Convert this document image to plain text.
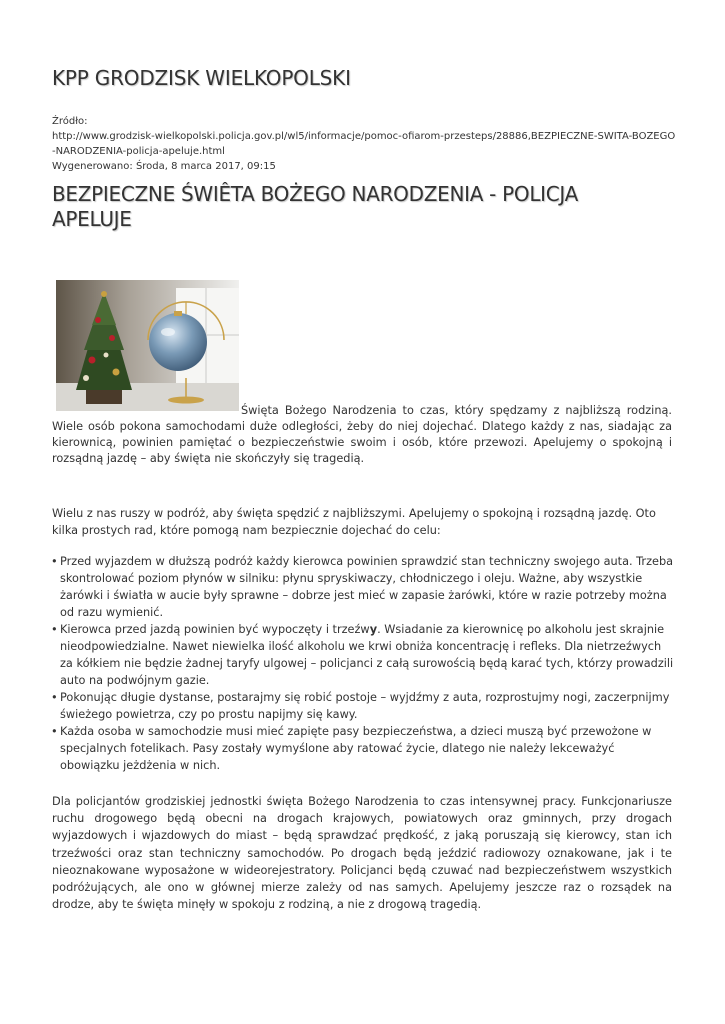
KPP GRODZISK WIELKOPOLSKI
Źródło:
http://www.grodzisk-wielkopolski.policja.gov.pl/wl5/informacje/pomoc-ofiarom-przesteps/28886,BEZPIECZNE-SWITA-BOZEGO
-NARODZENIA-policja-apeluje.html
Wygenerowano: Środa, 8 marca 2017, 09:15
BEZPIECZNE ŚWIÊTA BOŻEGO NARODZENIA - POLICJA APELUJE

Święta Bożego Narodzenia to czas, który spędzamy z najbliższą rodziną. Wiele osób pokona samochodami duże odległości, żeby do niej dojechać. Dlatego każdy z nas, siadając za kierownicą, powinien pamiętać o bezpieczeństwie swoim i osób, które przewozi. Apelujemy o spokojną i rozsądną jazdę – aby święta nie skończyły się tragedią.

Wielu z nas ruszy w podróż, aby święta spędzić z najbliższymi. Apelujemy o spokojną i rozsądną jazdę. Oto kilka prostych rad, które pomogą nam bezpiecznie dojechać do celu:

• Przed wyjazdem w dłuższą podróż każdy kierowca powinien sprawdzić stan techniczny swojego auta. Trzeba skontrolować poziom płynów w silniku: płynu spryskiwaczy, chłodniczego i oleju. Ważne, aby wszystkie żarówki i światła w aucie były sprawne – dobrze jest mieć w zapasie żarówki, które w razie potrzeby można od razu wymienić.
• Kierowca przed jazdą powinien być wypoczęty i trzeźwy. Wsiadanie za kierownicę po alkoholu jest skrajnie nieodpowiedzialne. Nawet niewielka ilość alkoholu we krwi obniża koncentrację i refleks. Dla nietrzeźwych za kółkiem nie będzie żadnej taryfy ulgowej – policjanci z całą surowością będą karać tych, którzy prowadzili auto na podwójnym gazie.
• Pokonując długie dystanse, postarajmy się robić postoje – wyjdźmy z auta, rozprostujmy nogi, zaczerpnijmy świeżego powietrza, czy po prostu napijmy się kawy.
• Każda osoba w samochodzie musi mieć zapięte pasy bezpieczeństwa, a dzieci muszą być przewożone w specjalnych fotelikach. Pasy zostały wymyślone aby ratować życie, dlatego nie należy lekceważyć obowiązku jeżdżenia w nich.

Dla policjantów grodziskiej jednostki święta Bożego Narodzenia to czas intensywnej pracy. Funkcjonariusze ruchu drogowego będą obecni na drogach krajowych, powiatowych oraz gminnych, przy drogach wyjazdowych i wjazdowych do miast – będą sprawdzać prędkość, z jaką poruszają się kierowcy, stan ich trzeźwości oraz stan techniczny samochodów. Po drogach będą jeździć radiowozy oznakowane, jak i te nieoznakowane wyposażone w wideorejestratory. Policjanci będą czuwać nad bezpieczeństwem wszystkich podróżujących, ale ono w głównej mierze zależy od nas samych. Apelujemy jeszcze raz o rozsądek na drodze, aby te święta minęły w spokoju z rodziną, a nie z drogową tragedią.
